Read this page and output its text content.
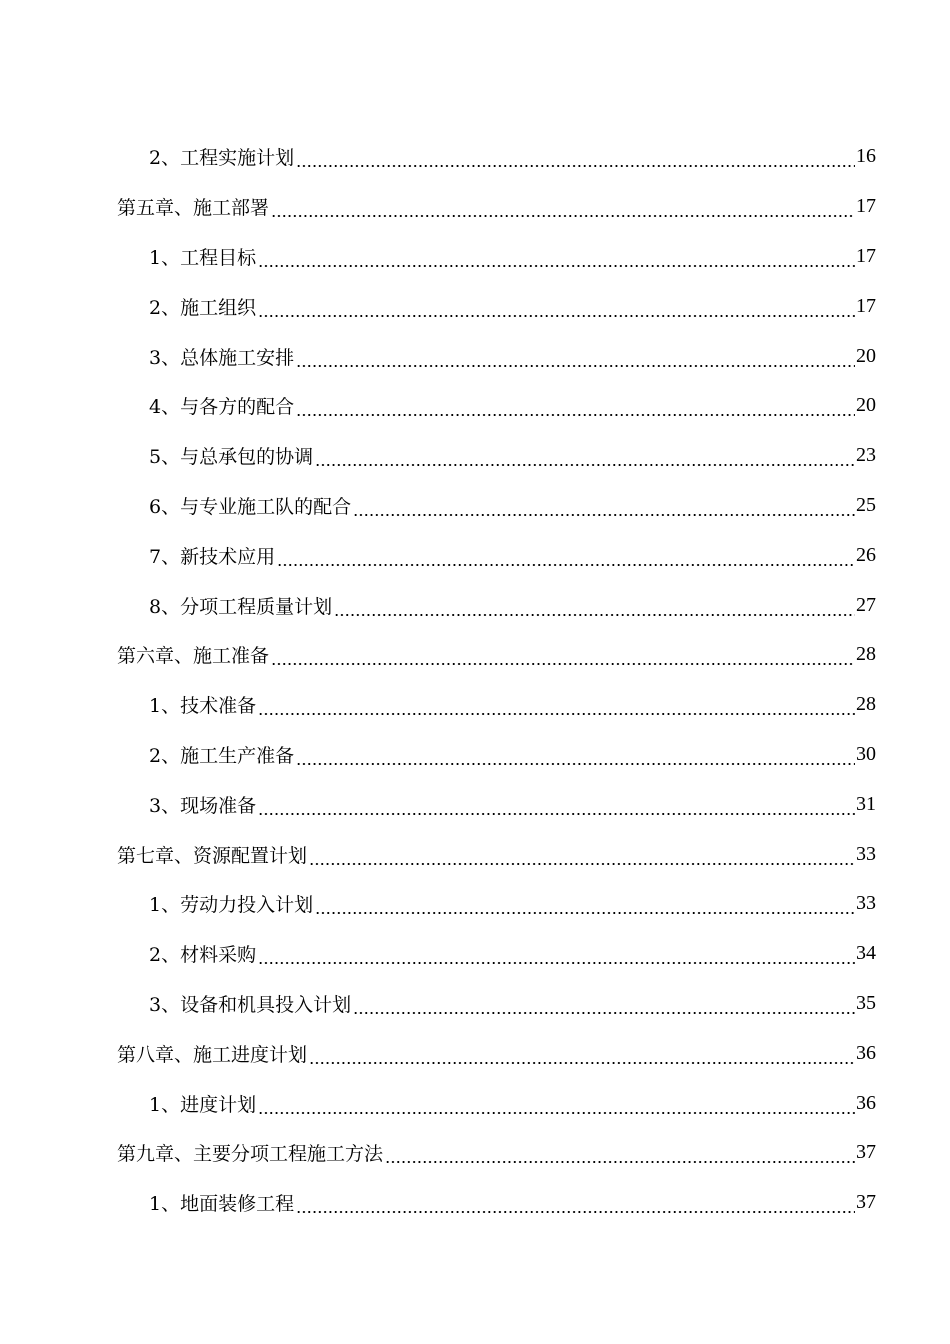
2、工程实施计划	16
第五章、施工部署	17
1、工程目标	17
2、施工组织	17
3、总体施工安排	20
4、与各方的配合	20
5、与总承包的协调	23
6、与专业施工队的配合	25
7、新技术应用	26
8、分项工程质量计划	27
第六章、施工准备	28
1、技术准备	28
2、施工生产准备	30
3、现场准备	31
第七章、资源配置计划	33
1、劳动力投入计划	33
2、材料采购	34
3、设备和机具投入计划	35
第八章、施工进度计划	36
1、进度计划	36
第九章、主要分项工程施工方法	37
1、地面装修工程	37
